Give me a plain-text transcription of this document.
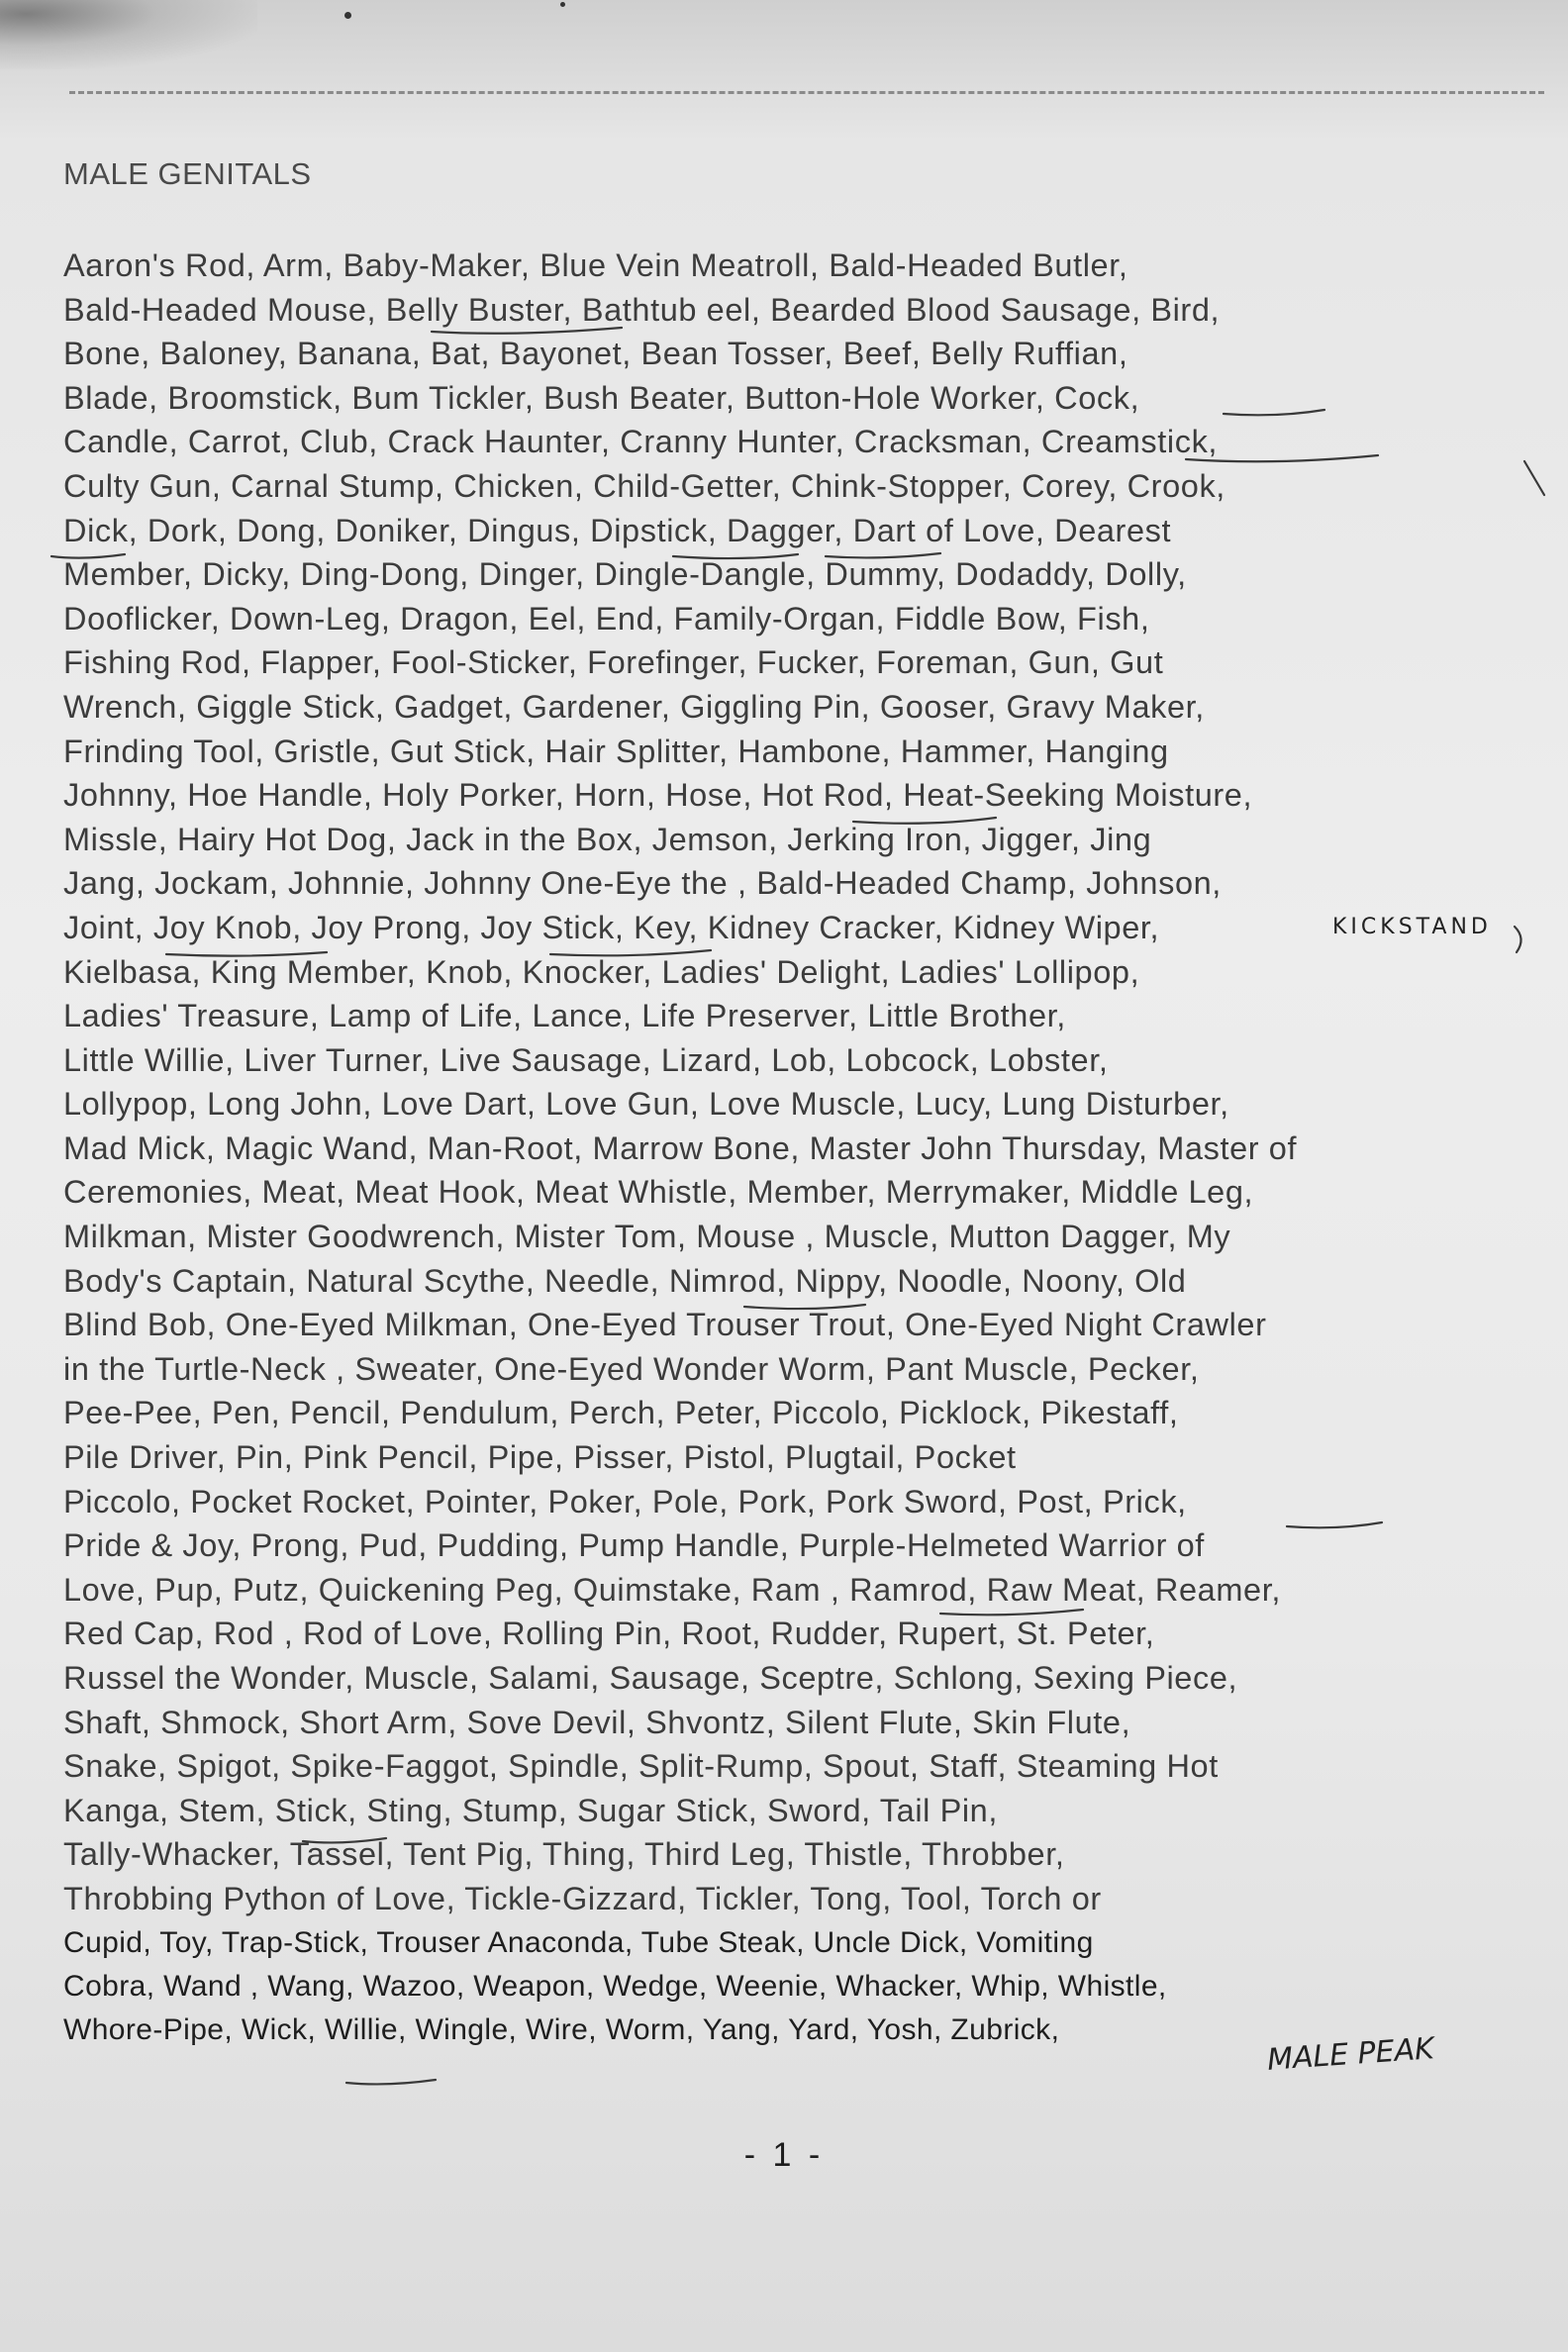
MALE GENITALS
Aaron's Rod, Arm, Baby-Maker, Blue Vein Meatroll, Bald-Headed Butler,
Bald-Headed Mouse, Belly Buster, Bathtub eel, Bearded Blood Sausage, Bird,
Bone, Baloney, Banana, Bat, Bayonet, Bean Tosser, Beef, Belly Ruffian,
Blade, Broomstick, Bum Tickler, Bush Beater, Button-Hole Worker, Cock,
Candle, Carrot, Club, Crack Haunter, Cranny Hunter, Cracksman, Creamstick,
Culty Gun, Carnal Stump, Chicken, Child-Getter, Chink-Stopper, Corey, Crook,
Dick, Dork, Dong, Doniker, Dingus, Dipstick, Dagger, Dart of Love, Dearest
Member, Dicky, Ding-Dong, Dinger, Dingle-Dangle, Dummy, Dodaddy, Dolly,
Dooflicker, Down-Leg, Dragon, Eel, End, Family-Organ, Fiddle Bow, Fish,
Fishing Rod, Flapper, Fool-Sticker, Forefinger, Fucker, Foreman, Gun, Gut
Wrench, Giggle Stick, Gadget, Gardener, Giggling Pin, Gooser, Gravy Maker,
Frinding Tool, Gristle, Gut Stick, Hair Splitter, Hambone, Hammer, Hanging
Johnny, Hoe Handle, Holy Porker, Horn, Hose, Hot Rod, Heat-Seeking Moisture,
Missle, Hairy Hot Dog, Jack in the Box, Jemson, Jerking Iron, Jigger, Jing
Jang, Jockam, Johnnie, Johnny One-Eye the , Bald-Headed Champ, Johnson,
Joint, Joy Knob, Joy Prong, Joy Stick, Key, Kidney Cracker, Kidney Wiper,
Kielbasa, King Member, Knob, Knocker, Ladies' Delight, Ladies' Lollipop,
Ladies' Treasure, Lamp of Life, Lance, Life Preserver, Little Brother,
Little Willie, Liver Turner, Live Sausage, Lizard, Lob, Lobcock, Lobster,
Lollypop, Long John, Love Dart, Love Gun, Love Muscle, Lucy, Lung Disturber,
Mad Mick, Magic Wand, Man-Root, Marrow Bone, Master John Thursday, Master of
Ceremonies, Meat, Meat Hook, Meat Whistle, Member, Merrymaker, Middle Leg,
Milkman, Mister Goodwrench, Mister Tom, Mouse , Muscle, Mutton Dagger, My
Body's Captain, Natural Scythe, Needle, Nimrod, Nippy, Noodle, Noony, Old
Blind Bob, One-Eyed Milkman, One-Eyed Trouser Trout, One-Eyed Night Crawler
in the Turtle-Neck , Sweater, One-Eyed Wonder Worm, Pant Muscle, Pecker,
Pee-Pee, Pen, Pencil, Pendulum, Perch, Peter, Piccolo, Picklock, Pikestaff,
Pile Driver, Pin, Pink Pencil, Pipe, Pisser, Pistol, Plugtail, Pocket
Piccolo, Pocket Rocket, Pointer, Poker, Pole, Pork, Pork Sword, Post, Prick,
Pride & Joy, Prong, Pud, Pudding, Pump Handle, Purple-Helmeted Warrior of
Love, Pup, Putz, Quickening Peg, Quimstake, Ram , Ramrod, Raw Meat, Reamer,
Red Cap, Rod , Rod of Love, Rolling Pin, Root, Rudder, Rupert, St. Peter,
Russel the Wonder, Muscle, Salami, Sausage, Sceptre, Schlong, Sexing Piece,
Shaft, Shmock, Short Arm, Sove Devil, Shvontz, Silent Flute, Skin Flute,
Snake, Spigot, Spike-Faggot, Spindle, Split-Rump, Spout, Staff, Steaming Hot
Kanga, Stem, Stick, Sting, Stump, Sugar Stick, Sword, Tail Pin,
Tally-Whacker, Tassel, Tent Pig, Thing, Third Leg, Thistle, Throbber,
Throbbing Python of Love, Tickle-Gizzard, Tickler, Tong, Tool, Torch or
Cupid, Toy, Trap-Stick, Trouser Anaconda, Tube Steak, Uncle Dick, Vomiting
Cobra, Wand , Wang, Wazoo, Weapon, Wedge, Weenie, Whacker, Whip, Whistle,
Whore-Pipe, Wick, Willie, Wingle, Wire, Worm, Yang, Yard, Yosh, Zubrick,
KICKSTAND
MALE PEAK
- 1 -
